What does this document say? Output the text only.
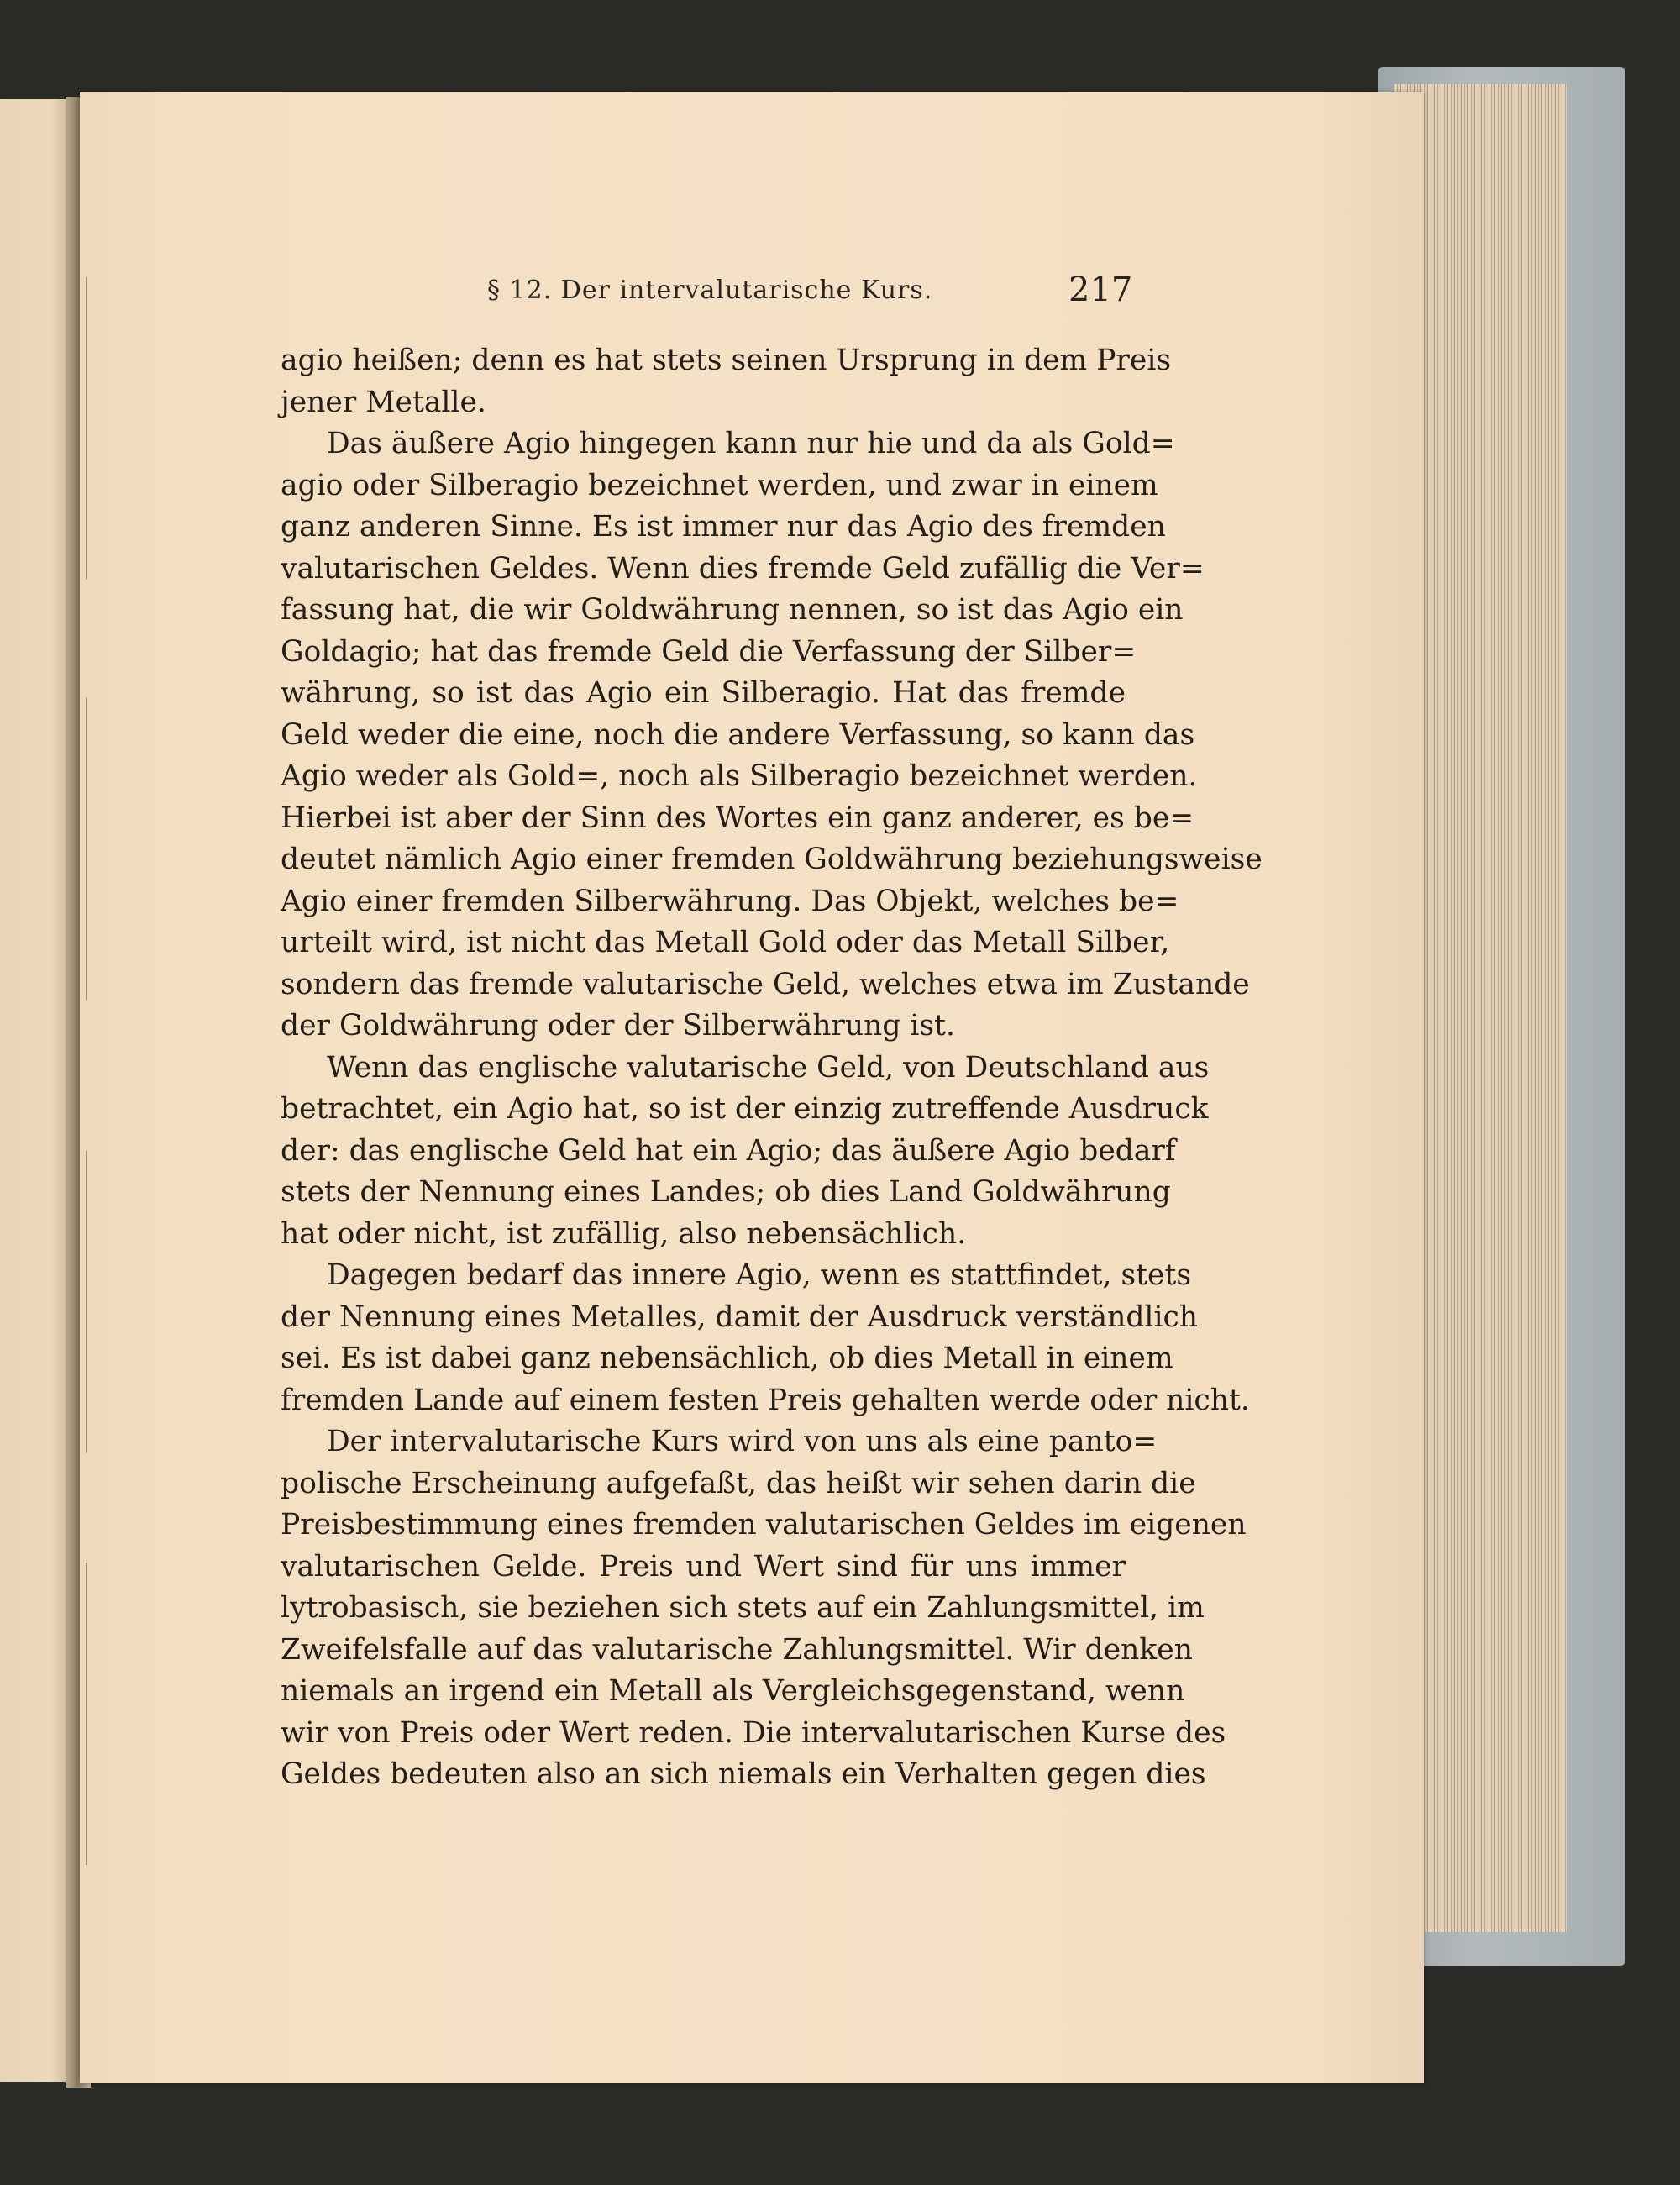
§ 12. Der intervalutarische Kurs.	217
agio heißen; denn es hat stets seinen Ursprung in dem Preis
jener Metalle.
Das äußere Agio hingegen kann nur hie und da als Gold=
agio oder Silberagio bezeichnet werden, und zwar in einem
ganz anderen Sinne. Es ist immer nur das Agio des fremden
valutarischen Geldes. Wenn dies fremde Geld zufällig die Ver=
fassung hat, die wir Goldwährung nennen, so ist das Agio ein
Goldagio; hat das fremde Geld die Verfassung der Silber=
währung, so ist das Agio ein Silberagio. Hat das fremde
Geld weder die eine, noch die andere Verfassung, so kann das
Agio weder als Gold=, noch als Silberagio bezeichnet werden.
Hierbei ist aber der Sinn des Wortes ein ganz anderer, es be=
deutet nämlich Agio einer fremden Goldwährung beziehungsweise
Agio einer fremden Silberwährung. Das Objekt, welches be=
urteilt wird, ist nicht das Metall Gold oder das Metall Silber,
sondern das fremde valutarische Geld, welches etwa im Zustande
der Goldwährung oder der Silberwährung ist.
Wenn das englische valutarische Geld, von Deutschland aus
betrachtet, ein Agio hat, so ist der einzig zutreffende Ausdruck
der: das englische Geld hat ein Agio; das äußere Agio bedarf
stets der Nennung eines Landes; ob dies Land Goldwährung
hat oder nicht, ist zufällig, also nebensächlich.
Dagegen bedarf das innere Agio, wenn es stattfindet, stets
der Nennung eines Metalles, damit der Ausdruck verständlich
sei. Es ist dabei ganz nebensächlich, ob dies Metall in einem
fremden Lande auf einem festen Preis gehalten werde oder nicht.
Der intervalutarische Kurs wird von uns als eine panto=
polische Erscheinung aufgefaßt, das heißt wir sehen darin die
Preisbestimmung eines fremden valutarischen Geldes im eigenen
valutarischen Gelde. Preis und Wert sind für uns immer
lytrobasisch, sie beziehen sich stets auf ein Zahlungsmittel, im
Zweifelsfalle auf das valutarische Zahlungsmittel. Wir denken
niemals an irgend ein Metall als Vergleichsgegenstand, wenn
wir von Preis oder Wert reden. Die intervalutarischen Kurse des
Geldes bedeuten also an sich niemals ein Verhalten gegen dies
